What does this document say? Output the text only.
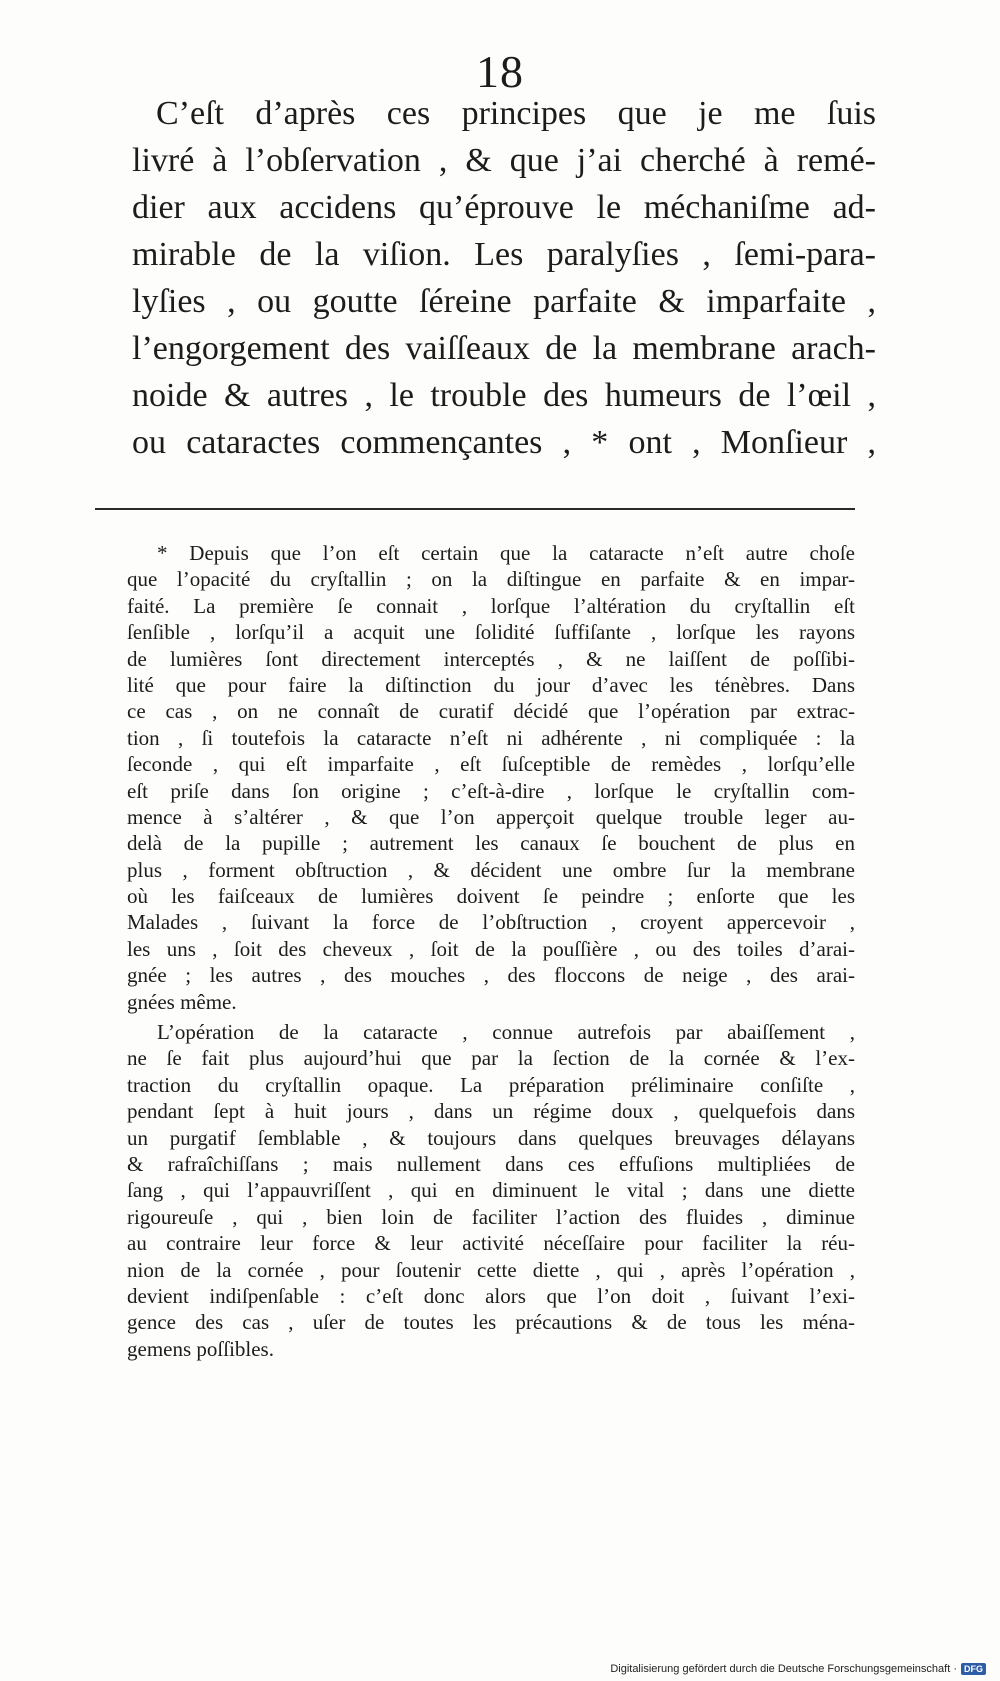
18
C’eſt d’après ces principes que je me ſuis
livré à l’obſervation , & que j’ai cherché à remé-
dier aux accidens qu’éprouve le méchaniſme ad-
mirable de la viſion. Les paralyſies , ſemi-para-
lyſies , ou goutte ſéreine parfaite & imparfaite ,
l’engorgement des vaiſſeaux de la membrane arach-
noide & autres , le trouble des humeurs de l’œil ,
ou cataractes commençantes , * ont , Monſieur ,
* Depuis que l’on eſt certain que la cataracte n’eſt autre choſe
que l’opacité du cryſtallin ; on la diſtingue en parfaite & en impar-
faité. La première ſe connait , lorſque l’altération du cryſtallin eſt
ſenſible , lorſqu’il a acquit une ſolidité ſuffiſante , lorſque les rayons
de lumières ſont directement interceptés , & ne laiſſent de poſſibi-
lité que pour faire la diſtinction du jour d’avec les ténèbres. Dans
ce cas , on ne connaît de curatif décidé que l’opération par extrac-
tion , ſi toutefois la cataracte n’eſt ni adhérente , ni compliquée : la
ſeconde , qui eſt imparfaite , eſt ſuſceptible de remèdes , lorſqu’elle
eſt priſe dans ſon origine ; c’eſt-à-dire , lorſque le cryſtallin com-
mence à s’altérer , & que l’on apperçoit quelque trouble leger au-
delà de la pupille ; autrement les canaux ſe bouchent de plus en
plus , forment obſtruction , & décident une ombre ſur la membrane
où les faiſceaux de lumières doivent ſe peindre ; enſorte que les
Malades , ſuivant la force de l’obſtruction , croyent appercevoir ,
les uns , ſoit des cheveux , ſoit de la pouſſière , ou des toiles d’arai-
gnée ; les autres , des mouches , des floccons de neige , des arai-
gnées même.
L’opération de la cataracte , connue autrefois par abaiſſement ,
ne ſe fait plus aujourd’hui que par la ſection de la cornée & l’ex-
traction du cryſtallin opaque. La préparation préliminaire conſiſte ,
pendant ſept à huit jours , dans un régime doux , quelquefois dans
un purgatif ſemblable , & toujours dans quelques breuvages délayans
& rafraîchiſſans ; mais nullement dans ces effuſions multipliées de
ſang , qui l’appauvriſſent , qui en diminuent le vital ; dans une diette
rigoureuſe , qui , bien loin de faciliter l’action des fluides , diminue
au contraire leur force & leur activité néceſſaire pour faciliter la réu-
nion de la cornée , pour ſoutenir cette diette , qui , après l’opération ,
devient indiſpenſable : c’eſt donc alors que l’on doit , ſuivant l’exi-
gence des cas , uſer de toutes les précautions & de tous les ména-
gemens poſſibles.
Digitalisierung gefördert durch die Deutsche Forschungsgemeinschaft · DFG
